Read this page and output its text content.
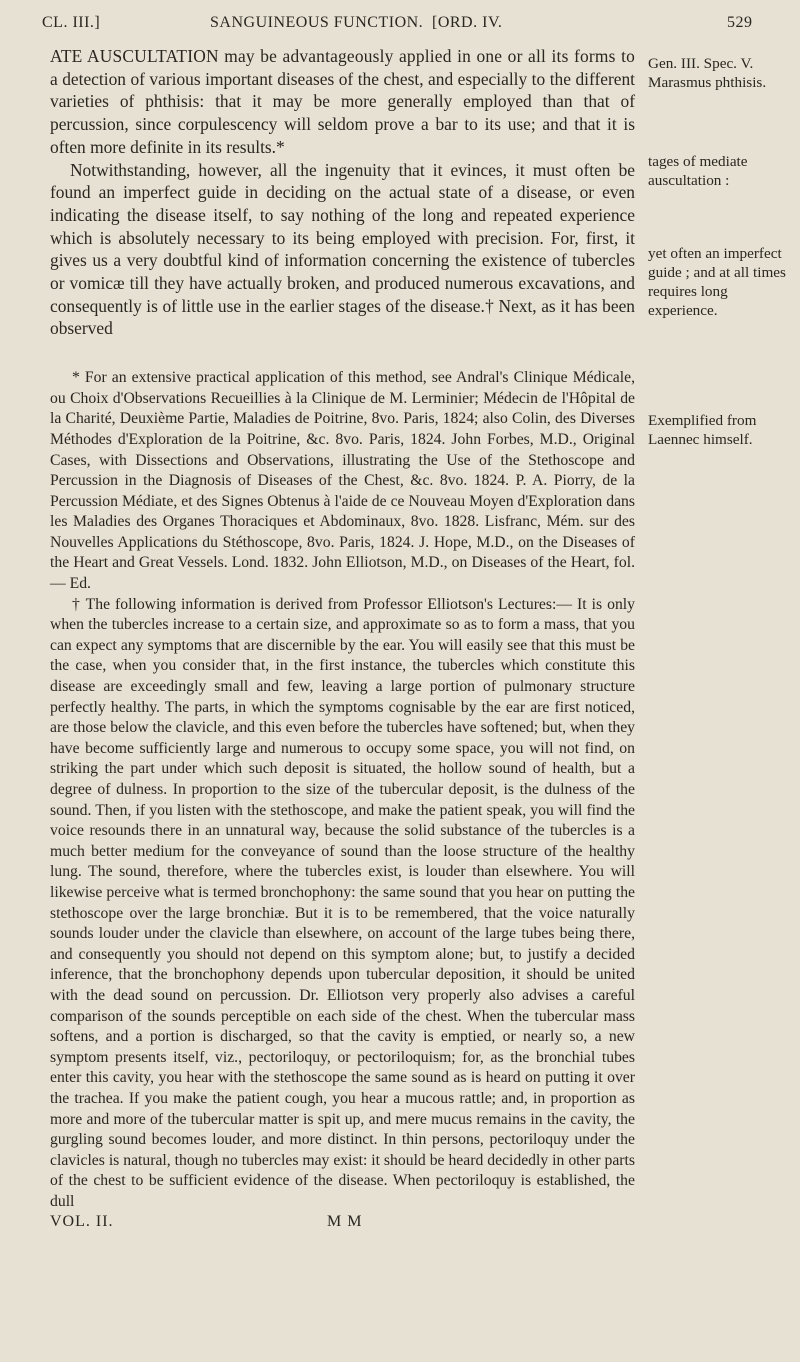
CL. III.]	SANGUINEOUS FUNCTION. [ORD. IV.	529

ATE AUSCULTATION may be advantageously applied in one or all its forms to a detection of various important diseases of the chest, and especially to the different varieties of phthisis: that it may be more generally employed than that of percussion, since corpulescency will seldom prove a bar to its use; and that it is often more definite in its results.*

Notwithstanding, however, all the ingenuity that it evinces, it must often be found an imperfect guide in deciding on the actual state of a disease, or even indicating the disease itself, to say nothing of the long and repeated experience which is absolutely necessary to its being employed with precision. For, first, it gives us a very doubtful kind of information concerning the existence of tubercles or vomicæ till they have actually broken, and produced numerous excavations, and consequently is of little use in the earlier stages of the disease.† Next, as it has been observed

* For an extensive practical application of this method, see Andral's Clinique Médicale, ou Choix d'Observations Recueillies à la Clinique de M. Lerminier; Médecin de l'Hôpital de la Charité, Deuxième Partie, Maladies de Poitrine, 8vo. Paris, 1824; also Colin, des Diverses Méthodes d'Exploration de la Poitrine, &c. 8vo. Paris, 1824. John Forbes, M.D., Original Cases, with Dissections and Observations, illustrating the Use of the Stethoscope and Percussion in the Diagnosis of Diseases of the Chest, &c. 8vo. 1824. P. A. Piorry, de la Percussion Médiate, et des Signes Obtenus à l'aide de ce Nouveau Moyen d'Exploration dans les Maladies des Organes Thoraciques et Abdominaux, 8vo. 1828. Lisfranc, Mém. sur des Nouvelles Applications du Stéthoscope, 8vo. Paris, 1824. J. Hope, M.D., on the Diseases of the Heart and Great Vessels. Lond. 1832. John Elliotson, M.D., on Diseases of the Heart, fol. — Ed.

† The following information is derived from Professor Elliotson's Lectures:— It is only when the tubercles increase to a certain size, and approximate so as to form a mass, that you can expect any symptoms that are discernible by the ear. You will easily see that this must be the case, when you consider that, in the first instance, the tubercles which constitute this disease are exceedingly small and few, leaving a large portion of pulmonary structure perfectly healthy. The parts, in which the symptoms cognisable by the ear are first noticed, are those below the clavicle, and this even before the tubercles have softened; but, when they have become sufficiently large and numerous to occupy some space, you will not find, on striking the part under which such deposit is situated, the hollow sound of health, but a degree of dulness. In proportion to the size of the tubercular deposit, is the dulness of the sound. Then, if you listen with the stethoscope, and make the patient speak, you will find the voice resounds there in an unnatural way, because the solid substance of the tubercles is a much better medium for the conveyance of sound than the loose structure of the healthy lung. The sound, therefore, where the tubercles exist, is louder than elsewhere. You will likewise perceive what is termed bronchophony: the same sound that you hear on putting the stethoscope over the large bronchiæ. But it is to be remembered, that the voice naturally sounds louder under the clavicle than elsewhere, on account of the large tubes being there, and consequently you should not depend on this symptom alone; but, to justify a decided inference, that the bronchophony depends upon tubercular deposition, it should be united with the dead sound on percussion. Dr. Elliotson very properly also advises a careful comparison of the sounds perceptible on each side of the chest. When the tubercular mass softens, and a portion is discharged, so that the cavity is emptied, or nearly so, a new symptom presents itself, viz., pectoriloquy, or pectoriloquism; for, as the bronchial tubes enter this cavity, you hear with the stethoscope the same sound as is heard on putting it over the trachea. If you make the patient cough, you hear a mucous rattle; and, in proportion as more and more of the tubercular matter is spit up, and mere mucus remains in the cavity, the gurgling sound becomes louder, and more distinct. In thin persons, pectoriloquy under the clavicles is natural, though no tubercles may exist: it should be heard decidedly in other parts of the chest to be sufficient evidence of the disease. When pectoriloquy is established, the dull

VOL. II.	M M
Gen. III. Spec. V. Marasmus phthisis.
tages of mediate auscultation :
yet often an imperfect guide ; and at all times requires long experience.
Exemplified from Laennec himself.
